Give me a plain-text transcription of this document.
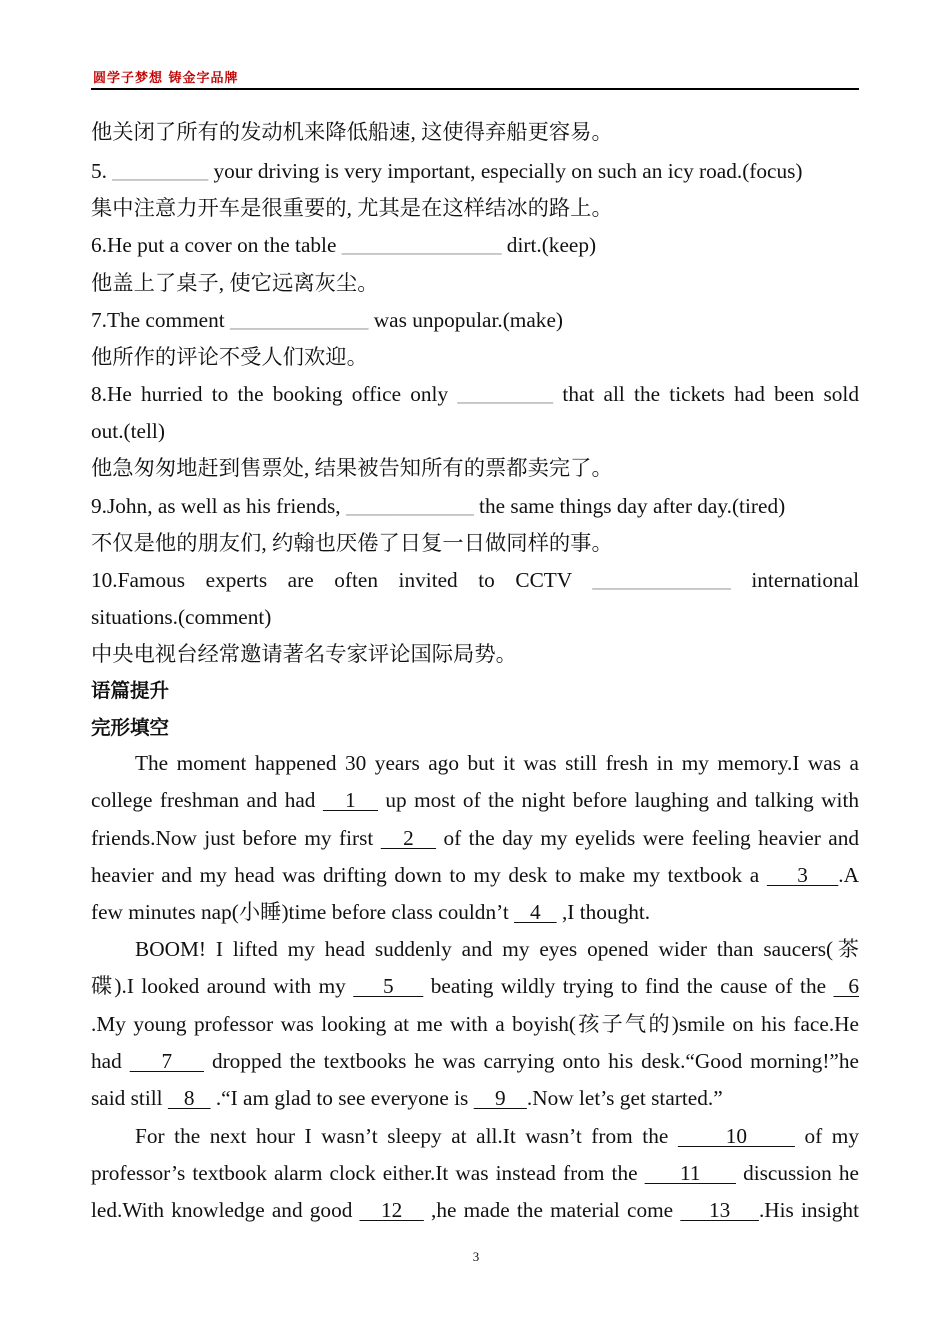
圆学子梦想 铸金字品牌
他关闭了所有的发动机来降低船速, 这使得弃船更容易。
5. _________ your driving is very important, especially on such an icy road.(focus)
集中注意力开车是很重要的, 尤其是在这样结冰的路上。
6.He put a cover on the table _______________ dirt.(keep)
他盖上了桌子, 使它远离灰尘。
7.The comment _____________ was unpopular.(make)
他所作的评论不受人们欢迎。
8.He hurried to the booking office only _________ that all the tickets had been sold
out.(tell)
他急匆匆地赶到售票处, 结果被告知所有的票都卖完了。
9.John, as well as his friends, ____________ the same things day after day.(tired)
不仅是他的朋友们, 约翰也厌倦了日复一日做同样的事。
10.Famous experts are often invited to CCTV _____________ international
situations.(comment)
中央电视台经常邀请著名专家评论国际局势。
语篇提升
完形填空
The moment happened 30 years ago but it was still fresh in my memory.I was a
college freshman and had    1    up most of the night before laughing and talking with
friends.Now just before my first    2    of the day my eyelids were feeling heavier and
heavier and my head was drifting down to my desk to make my textbook a     3    .A
few minutes nap(小睡)time before class couldn’t    4    ,I thought.
BOOM! I lifted my head suddenly and my eyes opened wider than saucers(茶
碟).I looked around with my     5     beating wildly trying to find the cause of the   6
.My young professor was looking at me with a boyish(孩子气的)smile on his face.He
had     7     dropped the textbooks he was carrying onto his desk.“Good morning!”he
said still    8    .“I am glad to see everyone is     9    .Now let’s get started.”
For the next hour I wasn’t sleepy at all.It wasn’t from the      10      of my
professor’s textbook alarm clock either.It was instead from the      11      discussion he
led.With knowledge and good    12    ,he made the material come     13    .His insight
3
